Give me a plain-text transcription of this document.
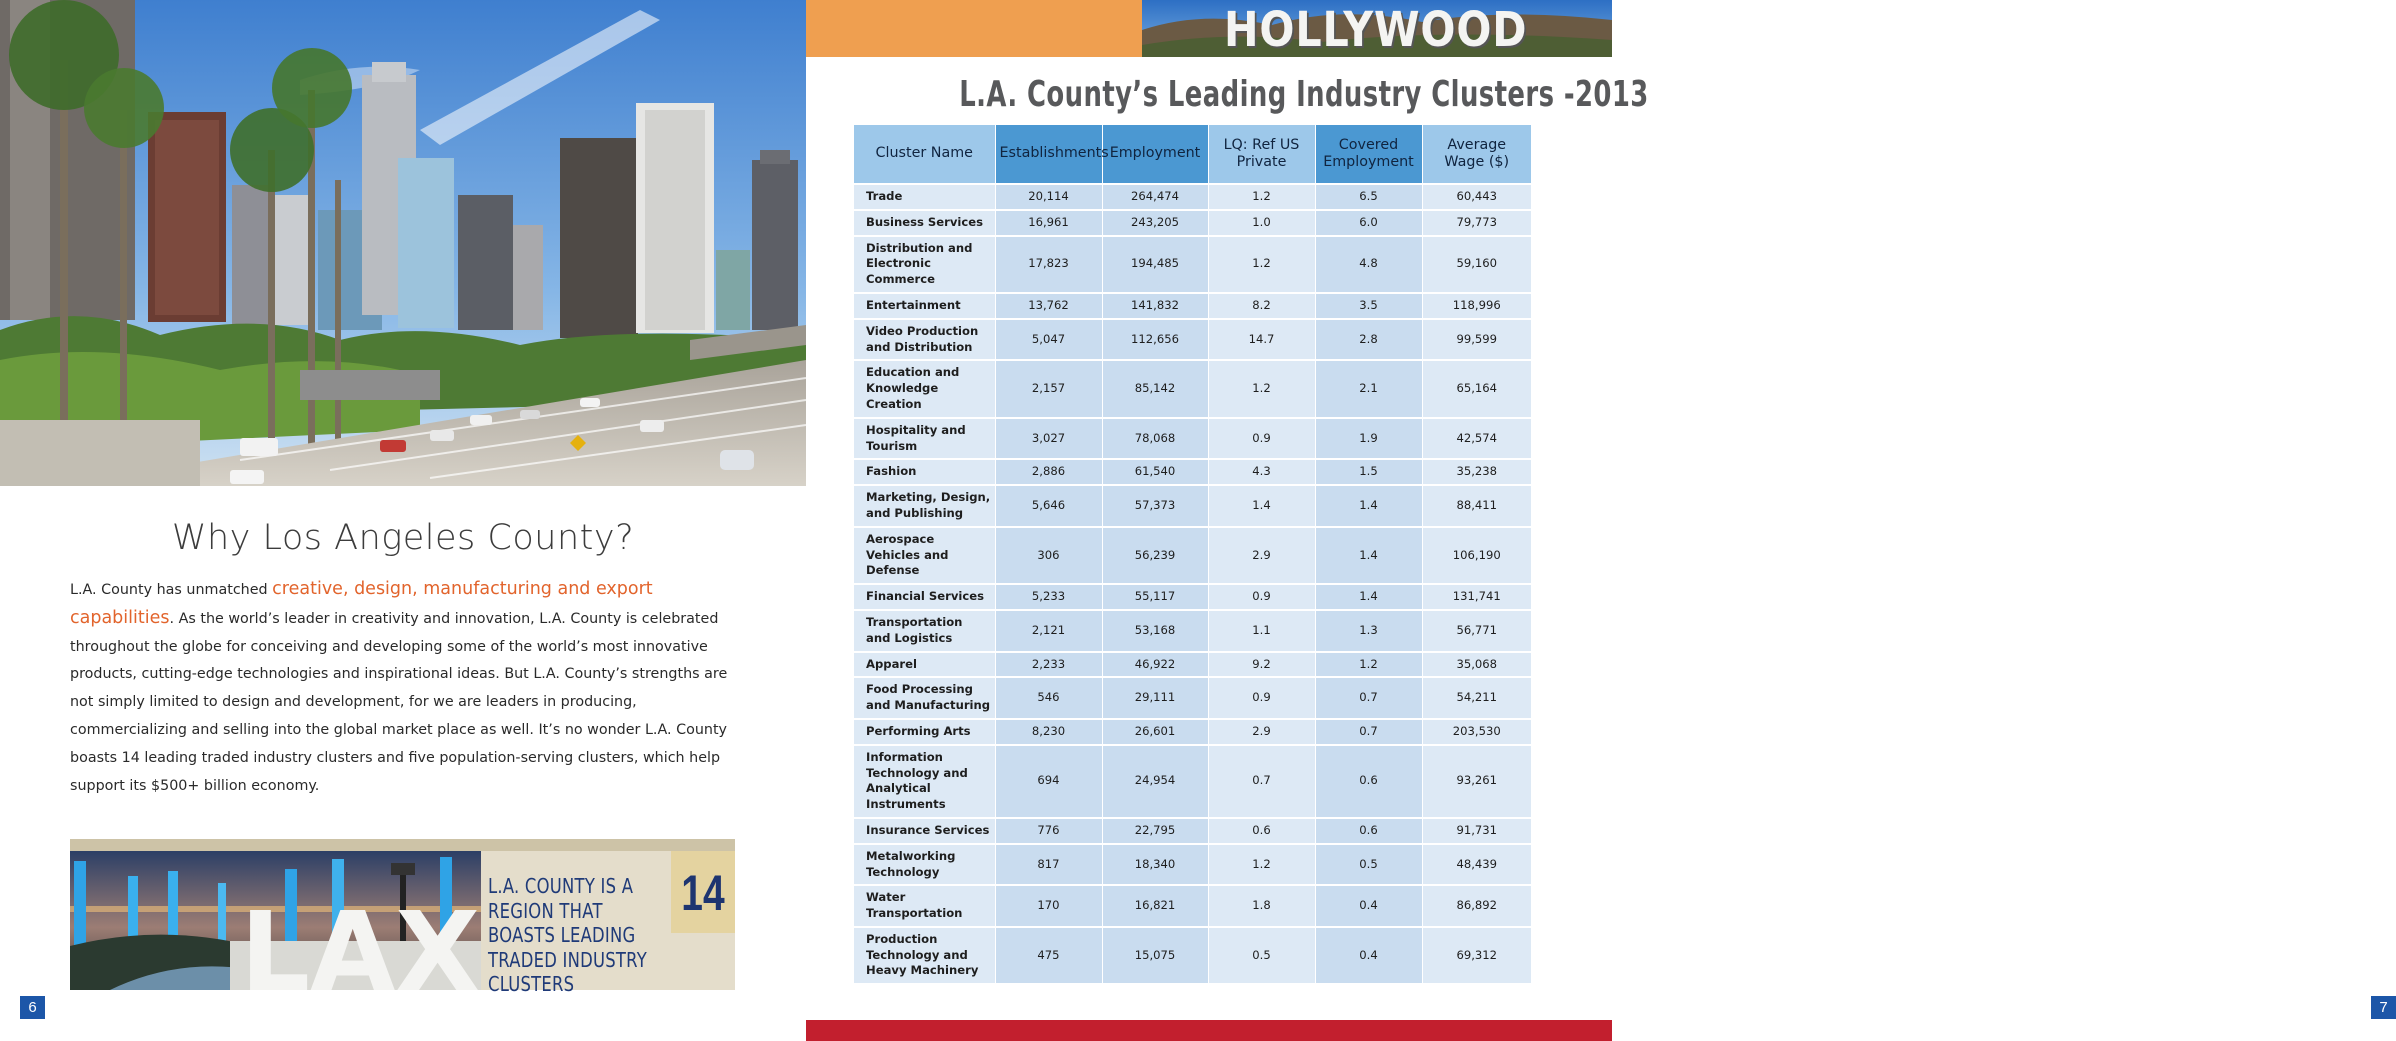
Why Los Angeles County?

L.A. County has unmatched creative, design, manufacturing and export capabilities. As the world’s leader in creativity and innovation, L.A. County is celebrated throughout the globe for conceiving and developing some of the world’s most innovative products, cutting-edge technologies and inspirational ideas. But L.A. County’s strengths are not simply limited to design and development, for we are leaders in producing, commercializing and selling into the global market place as well. It’s no wonder L.A. County boasts 14 leading traded industry clusters and five population-serving clusters, which help support its $500+ billion economy.

LAX
L.A. COUNTY IS A REGION THAT BOASTS LEADING TRADED INDUSTRY CLUSTERS
14
6
HOLLYWOOD
L.A. County’s Leading Industry Clusters -2013
Cluster Name	Establishments	Employment	LQ: Ref US Private	Covered Employment	Average Wage ($)
Trade	20,114	264,474	1.2	6.5	60,443
Business Services	16,961	243,205	1.0	6.0	79,773
Distribution and Electronic Commerce	17,823	194,485	1.2	4.8	59,160
Entertainment	13,762	141,832	8.2	3.5	118,996
Video Production and Distribution	5,047	112,656	14.7	2.8	99,599
Education and Knowledge Creation	2,157	85,142	1.2	2.1	65,164
Hospitality and Tourism	3,027	78,068	0.9	1.9	42,574
Fashion	2,886	61,540	4.3	1.5	35,238
Marketing, Design, and Publishing	5,646	57,373	1.4	1.4	88,411
Aerospace Vehicles and Defense	306	56,239	2.9	1.4	106,190
Financial Services	5,233	55,117	0.9	1.4	131,741
Transportation and Logistics	2,121	53,168	1.1	1.3	56,771
Apparel	2,233	46,922	9.2	1.2	35,068
Food Processing and Manufacturing	546	29,111	0.9	0.7	54,211
Performing Arts	8,230	26,601	2.9	0.7	203,530
Information Technology and Analytical Instruments	694	24,954	0.7	0.6	93,261
Insurance Services	776	22,795	0.6	0.6	91,731
Metalworking Technology	817	18,340	1.2	0.5	48,439
Water Transportation	170	16,821	1.8	0.4	86,892
Production Technology and Heavy Machinery	475	15,075	0.5	0.4	69,312
7
